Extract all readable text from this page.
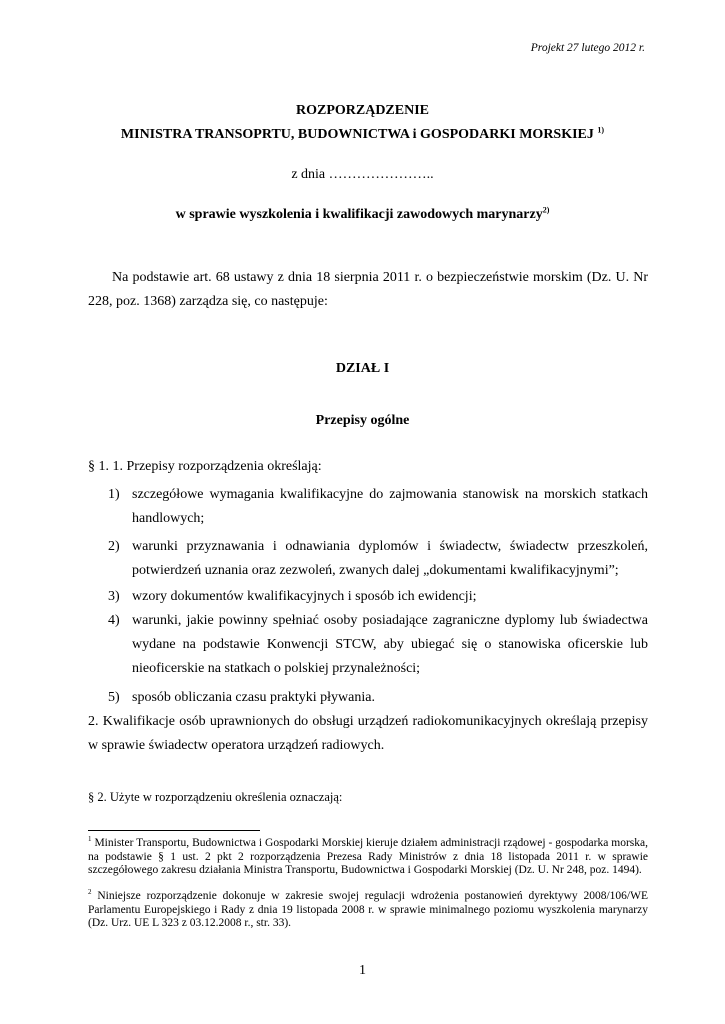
Projekt 27 lutego 2012 r.
ROZPORZĄDZENIE
MINISTRA TRANSOPRTU, BUDOWNICTWA i GOSPODARKI MORSKIEJ $^{1)}$
z dnia …………………..
w sprawie wyszkolenia i kwalifikacji zawodowych marynarzy$^{2)}$
Na podstawie art. 68 ustawy z dnia 18 sierpnia 2011 r. o bezpieczeństwie morskim (Dz. U. Nr 228, poz. 1368) zarządza się, co następuje:
DZIAŁ I
Przepisy ogólne
§ 1. 1. Przepisy rozporządzenia określają:
1) szczegółowe wymagania kwalifikacyjne do zajmowania stanowisk na morskich statkach handlowych;
2) warunki przyznawania i odnawiania dyplomów i świadectw, świadectw przeszkoleń, potwierdzeń uznania oraz zezwoleń, zwanych dalej „dokumentami kwalifikacyjnymi”;
3) wzory dokumentów kwalifikacyjnych i sposób ich ewidencji;
4) warunki, jakie powinny spełniać osoby posiadające zagraniczne dyplomy lub świadectwa wydane na podstawie Konwencji STCW, aby ubiegać się o stanowiska oficerskie lub nieoficerskie na statkach o polskiej przynależności;
5) sposób obliczania czasu praktyki pływania.
2. Kwalifikacje osób uprawnionych do obsługi urządzeń radiokomunikacyjnych określają przepisy w sprawie świadectw operatora urządzeń radiowych.
§ 2. Użyte w rozporządzeniu określenia oznaczają:
$^1$ Minister Transportu, Budownictwa i Gospodarki Morskiej kieruje działem administracji rządowej - gospodarka morska, na podstawie § 1 ust. 2 pkt 2 rozporządzenia Prezesa Rady Ministrów z dnia 18 listopada 2011 r. w sprawie szczegółowego zakresu działania Ministra Transportu, Budownictwa i Gospodarki Morskiej (Dz. U. Nr 248, poz. 1494).
$^2$ Niniejsze rozporządzenie dokonuje w zakresie swojej regulacji wdrożenia postanowień dyrektywy 2008/106/WE Parlamentu Europejskiego i Rady z dnia 19 listopada 2008 r. w sprawie minimalnego poziomu wyszkolenia marynarzy (Dz. Urz. UE L 323 z 03.12.2008 r., str. 33).
1
